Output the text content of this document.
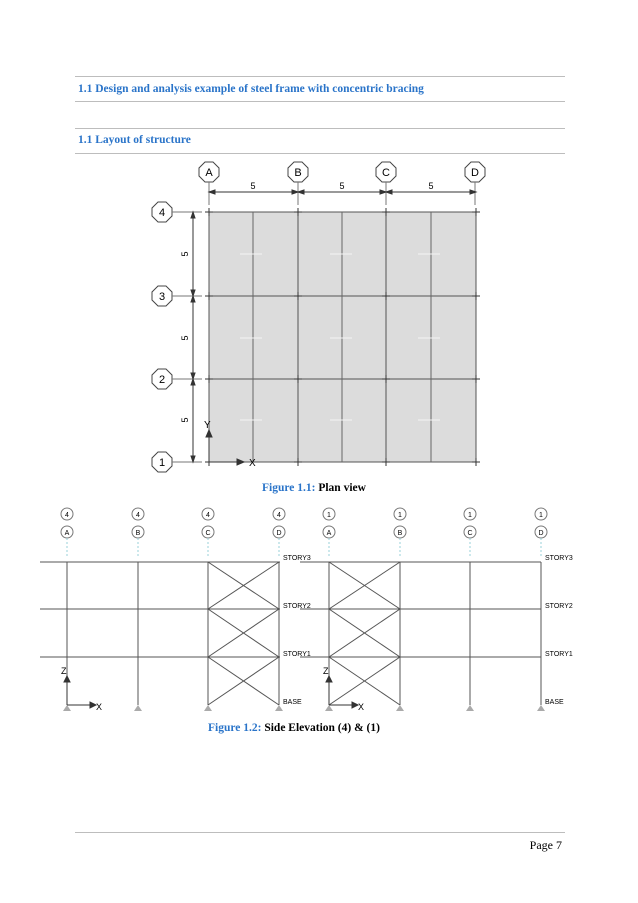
1.1 Design and analysis example of steel frame with concentric bracing
1.1 Layout of structure
A	B	C	D
5	5	5
4
3
2
1
5
5
5
X
Y
Figure 1.1: Plan view
4	4	4	4
A	B	C	D
STORY3
STORY2
STORY1
BASE
Z
X
1	1	1	1
A	B	C	D
STORY3
STORY2
STORY1
BASE
Z
X
Figure 1.2: Side Elevation (4) & (1)
Page 7
